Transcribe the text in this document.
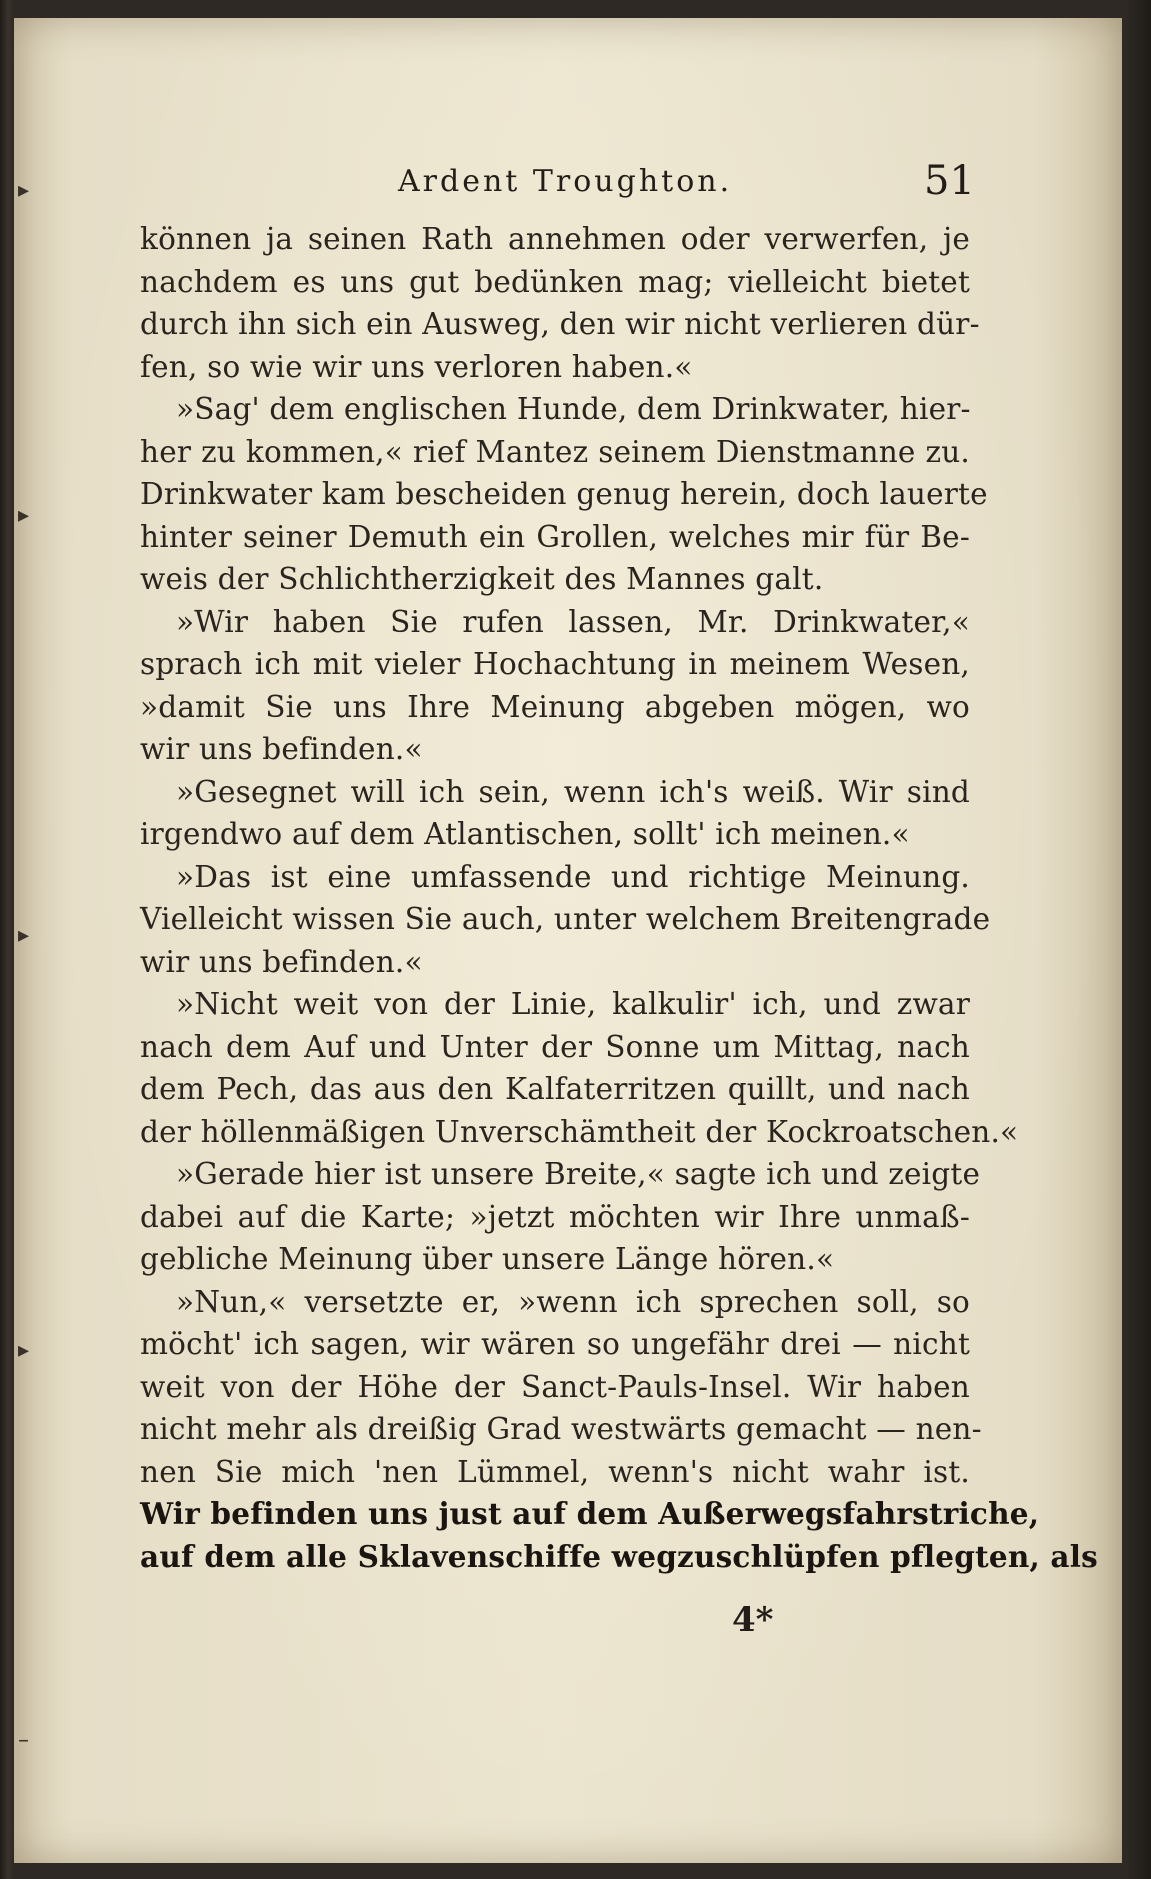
▸
▸
▸
▸
–
Ardent Troughton.	51
können ja seinen Rath annehmen oder verwerfen, je
nachdem es uns gut bedünken mag; vielleicht bietet
durch ihn sich ein Ausweg, den wir nicht verlieren dür-
fen, so wie wir uns verloren haben.«
»Sag' dem englischen Hunde, dem Drinkwater, hier-
her zu kommen,« rief Mantez seinem Dienstmanne zu.
Drinkwater kam bescheiden genug herein, doch lauerte
hinter seiner Demuth ein Grollen, welches mir für Be-
weis der Schlichtherzigkeit des Mannes galt.
»Wir haben Sie rufen lassen, Mr. Drinkwater,«
sprach ich mit vieler Hochachtung in meinem Wesen,
»damit Sie uns Ihre Meinung abgeben mögen, wo
wir uns befinden.«
»Gesegnet will ich sein, wenn ich's weiß. Wir sind
irgendwo auf dem Atlantischen, sollt' ich meinen.«
»Das ist eine umfassende und richtige Meinung.
Vielleicht wissen Sie auch, unter welchem Breitengrade
wir uns befinden.«
»Nicht weit von der Linie, kalkulir' ich, und zwar
nach dem Auf und Unter der Sonne um Mittag, nach
dem Pech, das aus den Kalfaterritzen quillt, und nach
der höllenmäßigen Unverschämtheit der Kockroatschen.«
»Gerade hier ist unsere Breite,« sagte ich und zeigte
dabei auf die Karte; »jetzt möchten wir Ihre unmaß-
gebliche Meinung über unsere Länge hören.«
»Nun,« versetzte er, »wenn ich sprechen soll, so
möcht' ich sagen, wir wären so ungefähr drei — nicht
weit von der Höhe der Sanct-Pauls-Insel. Wir haben
nicht mehr als dreißig Grad westwärts gemacht — nen-
nen Sie mich 'nen Lümmel, wenn's nicht wahr ist.
Wir befinden uns just auf dem Außerwegsfahrstriche,
auf dem alle Sklavenschiffe wegzuschlüpfen pflegten, als
4*
